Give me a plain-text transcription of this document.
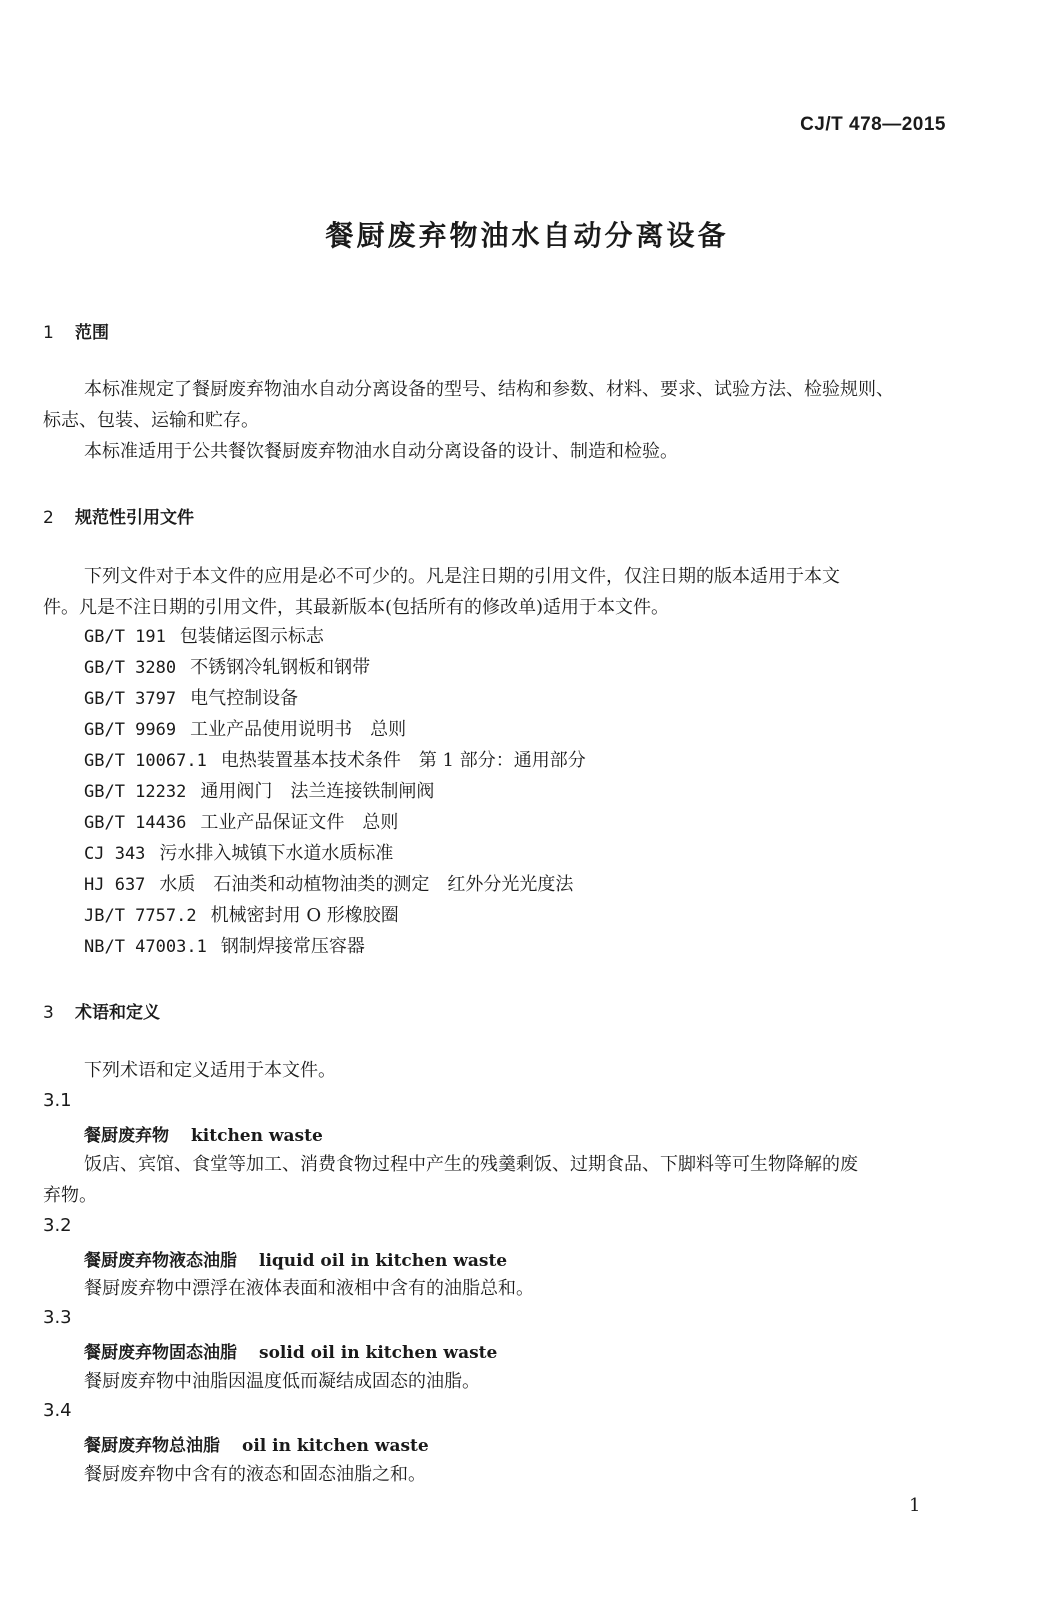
CJ/T 478—2015
餐厨废弃物油水自动分离设备
1 范围
本标准规定了餐厨废弃物油水自动分离设备的型号、结构和参数、材料、要求、试验方法、检验规则、
标志、包装、运输和贮存。
本标准适用于公共餐饮餐厨废弃物油水自动分离设备的设计、制造和检验。
2 规范性引用文件
下列文件对于本文件的应用是必不可少的。凡是注日期的引用文件，仅注日期的版本适用于本文
件。凡是不注日期的引用文件，其最新版本(包括所有的修改单)适用于本文件。
GB/T 191 包装储运图示标志
GB/T 3280 不锈钢冷轧钢板和钢带
GB/T 3797 电气控制设备
GB/T 9969 工业产品使用说明书　总则
GB/T 10067.1 电热装置基本技术条件　第 1 部分：通用部分
GB/T 12232 通用阀门　法兰连接铁制闸阀
GB/T 14436 工业产品保证文件　总则
CJ 343 污水排入城镇下水道水质标准
HJ 637 水质　石油类和动植物油类的测定　红外分光光度法
JB/T 7757.2 机械密封用 O 形橡胶圈
NB/T 47003.1 钢制焊接常压容器
3 术语和定义
下列术语和定义适用于本文件。
3.1
餐厨废弃物 kitchen waste
饭店、宾馆、食堂等加工、消费食物过程中产生的残羹剩饭、过期食品、下脚料等可生物降解的废
弃物。
3.2
餐厨废弃物液态油脂 liquid oil in kitchen waste
餐厨废弃物中漂浮在液体表面和液相中含有的油脂总和。
3.3
餐厨废弃物固态油脂 solid oil in kitchen waste
餐厨废弃物中油脂因温度低而凝结成固态的油脂。
3.4
餐厨废弃物总油脂 oil in kitchen waste
餐厨废弃物中含有的液态和固态油脂之和。
1
